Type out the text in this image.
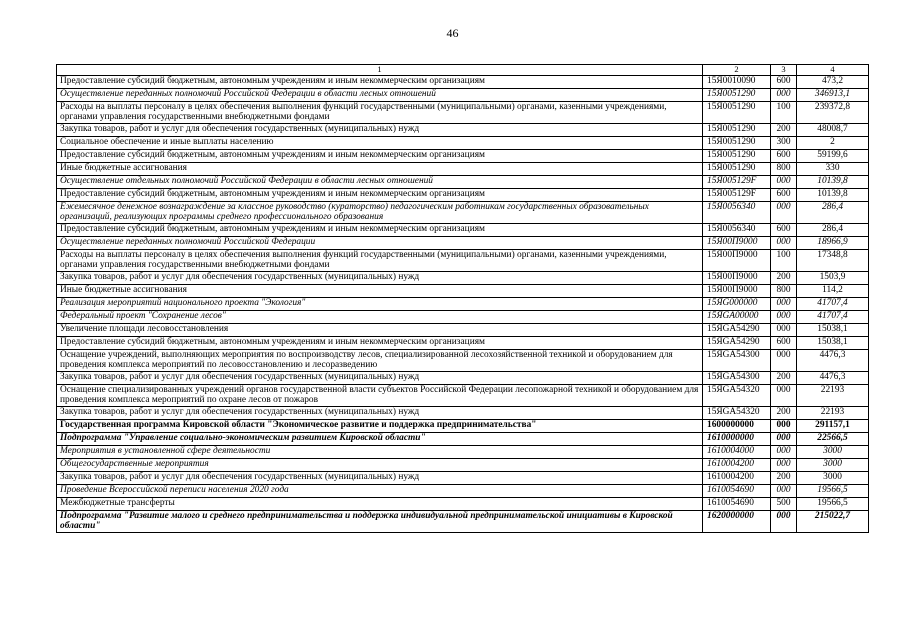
46
1	2	3	4
Предоставление субсидий бюджетным, автономным учреждениям и иным некоммерческим организациям	15Я0010090	600	473,2
Осуществление переданных полномочий Российской Федерации в области лесных отношений	15Я0051290	000	346913,1
Расходы на выплаты персоналу в целях обеспечения выполнения функций государственными (муниципальными) органами, казенными учреждениями, органами управления государственными внебюджетными фондами	15Я0051290	100	239372,8
Закупка товаров, работ и услуг для обеспечения государственных (муниципальных) нужд	15Я0051290	200	48008,7
Социальное обеспечение и иные выплаты населению	15Я0051290	300	2
Предоставление субсидий бюджетным, автономным учреждениям и иным некоммерческим организациям	15Я0051290	600	59199,6
Иные бюджетные ассигнования	15Я0051290	800	330
Осуществление отдельных полномочий Российской Федерации в области лесных отношений	15Я005129F	000	10139,8
Предоставление субсидий бюджетным, автономным учреждениям и иным некоммерческим организациям	15Я005129F	600	10139,8
Ежемесячное денежное вознаграждение за классное руководство (кураторство) педагогическим работникам государственных образовательных организаций, реализующих программы среднего профессионального образования	15Я0056340	000	286,4
Предоставление субсидий бюджетным, автономным учреждениям и иным некоммерческим организациям	15Я0056340	600	286,4
Осуществление переданных полномочий Российской Федерации	15Я00П9000	000	18966,9
Расходы на выплаты персоналу в целях обеспечения выполнения функций государственными (муниципальными) органами, казенными учреждениями, органами управления государственными внебюджетными фондами	15Я00П9000	100	17348,8
Закупка товаров, работ и услуг для обеспечения государственных (муниципальных) нужд	15Я00П9000	200	1503,9
Иные бюджетные ассигнования	15Я00П9000	800	114,2
Реализация мероприятий национального проекта "Экология"	15ЯG000000	000	41707,4
Федеральный проект "Сохранение лесов"	15ЯGA00000	000	41707,4
Увеличение площади лесовосстановления	15ЯGA54290	000	15038,1
Предоставление субсидий бюджетным, автономным учреждениям и иным некоммерческим организациям	15ЯGA54290	600	15038,1
Оснащение учреждений, выполняющих мероприятия по воспроизводству лесов, специализированной лесохозяйственной техникой и оборудованием для проведения комплекса мероприятий по лесовосстановлению и лесоразведению	15ЯGA54300	000	4476,3
Закупка товаров, работ и услуг для обеспечения государственных (муниципальных) нужд	15ЯGA54300	200	4476,3
Оснащение специализированных учреждений органов государственной власти субъектов Российской Федерации лесопожарной техникой и оборудованием для проведения комплекса мероприятий по охране лесов от пожаров	15ЯGA54320	000	22193
Закупка товаров, работ и услуг для обеспечения государственных (муниципальных) нужд	15ЯGA54320	200	22193
Государственная программа Кировской области "Экономическое развитие и поддержка предпринимательства"	1600000000	000	291157,1
Подпрограмма "Управление социально-экономическим развитием Кировской области"	1610000000	000	22566,5
Мероприятия в установленной сфере деятельности	1610004000	000	3000
Общегосударственные мероприятия	1610004200	000	3000
Закупка товаров, работ и услуг для обеспечения государственных (муниципальных) нужд	1610004200	200	3000
Проведение Всероссийской переписи населения 2020 года	1610054690	000	19566,5
Межбюджетные трансферты	1610054690	500	19566,5
Подпрограмма "Развитие малого и среднего предпринимательства и поддержка индивидуальной предпринимательской инициативы в Кировской области"	1620000000	000	215022,7
